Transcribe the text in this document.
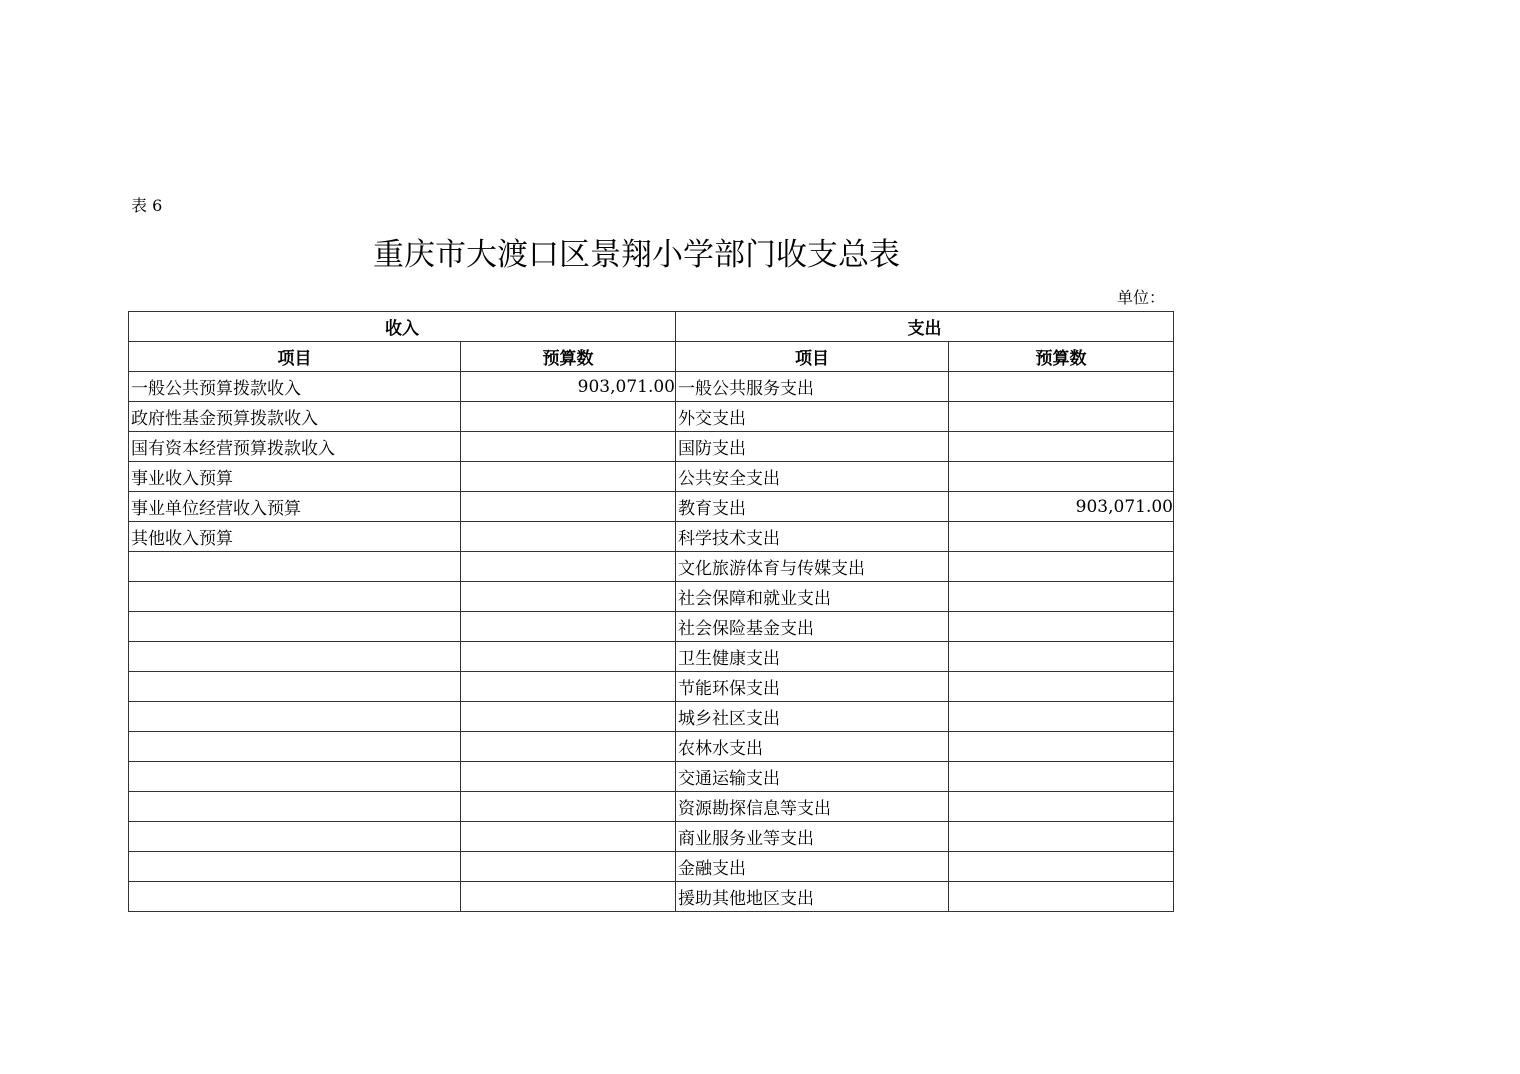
表 6
重庆市大渡口区景翔小学部门收支总表
单位：
收入		支出	
项目	预算数	项目	预算数
一般公共预算拨款收入	903,071.00	一般公共服务支出	
政府性基金预算拨款收入		外交支出	
国有资本经营预算拨款收入		国防支出	
事业收入预算		公共安全支出	
事业单位经营收入预算		教育支出	903,071.00
其他收入预算		科学技术支出	
		文化旅游体育与传媒支出	
		社会保障和就业支出	
		社会保险基金支出	
		卫生健康支出	
		节能环保支出	
		城乡社区支出	
		农林水支出	
		交通运输支出	
		资源勘探信息等支出	
		商业服务业等支出	
		金融支出	
		援助其他地区支出	
